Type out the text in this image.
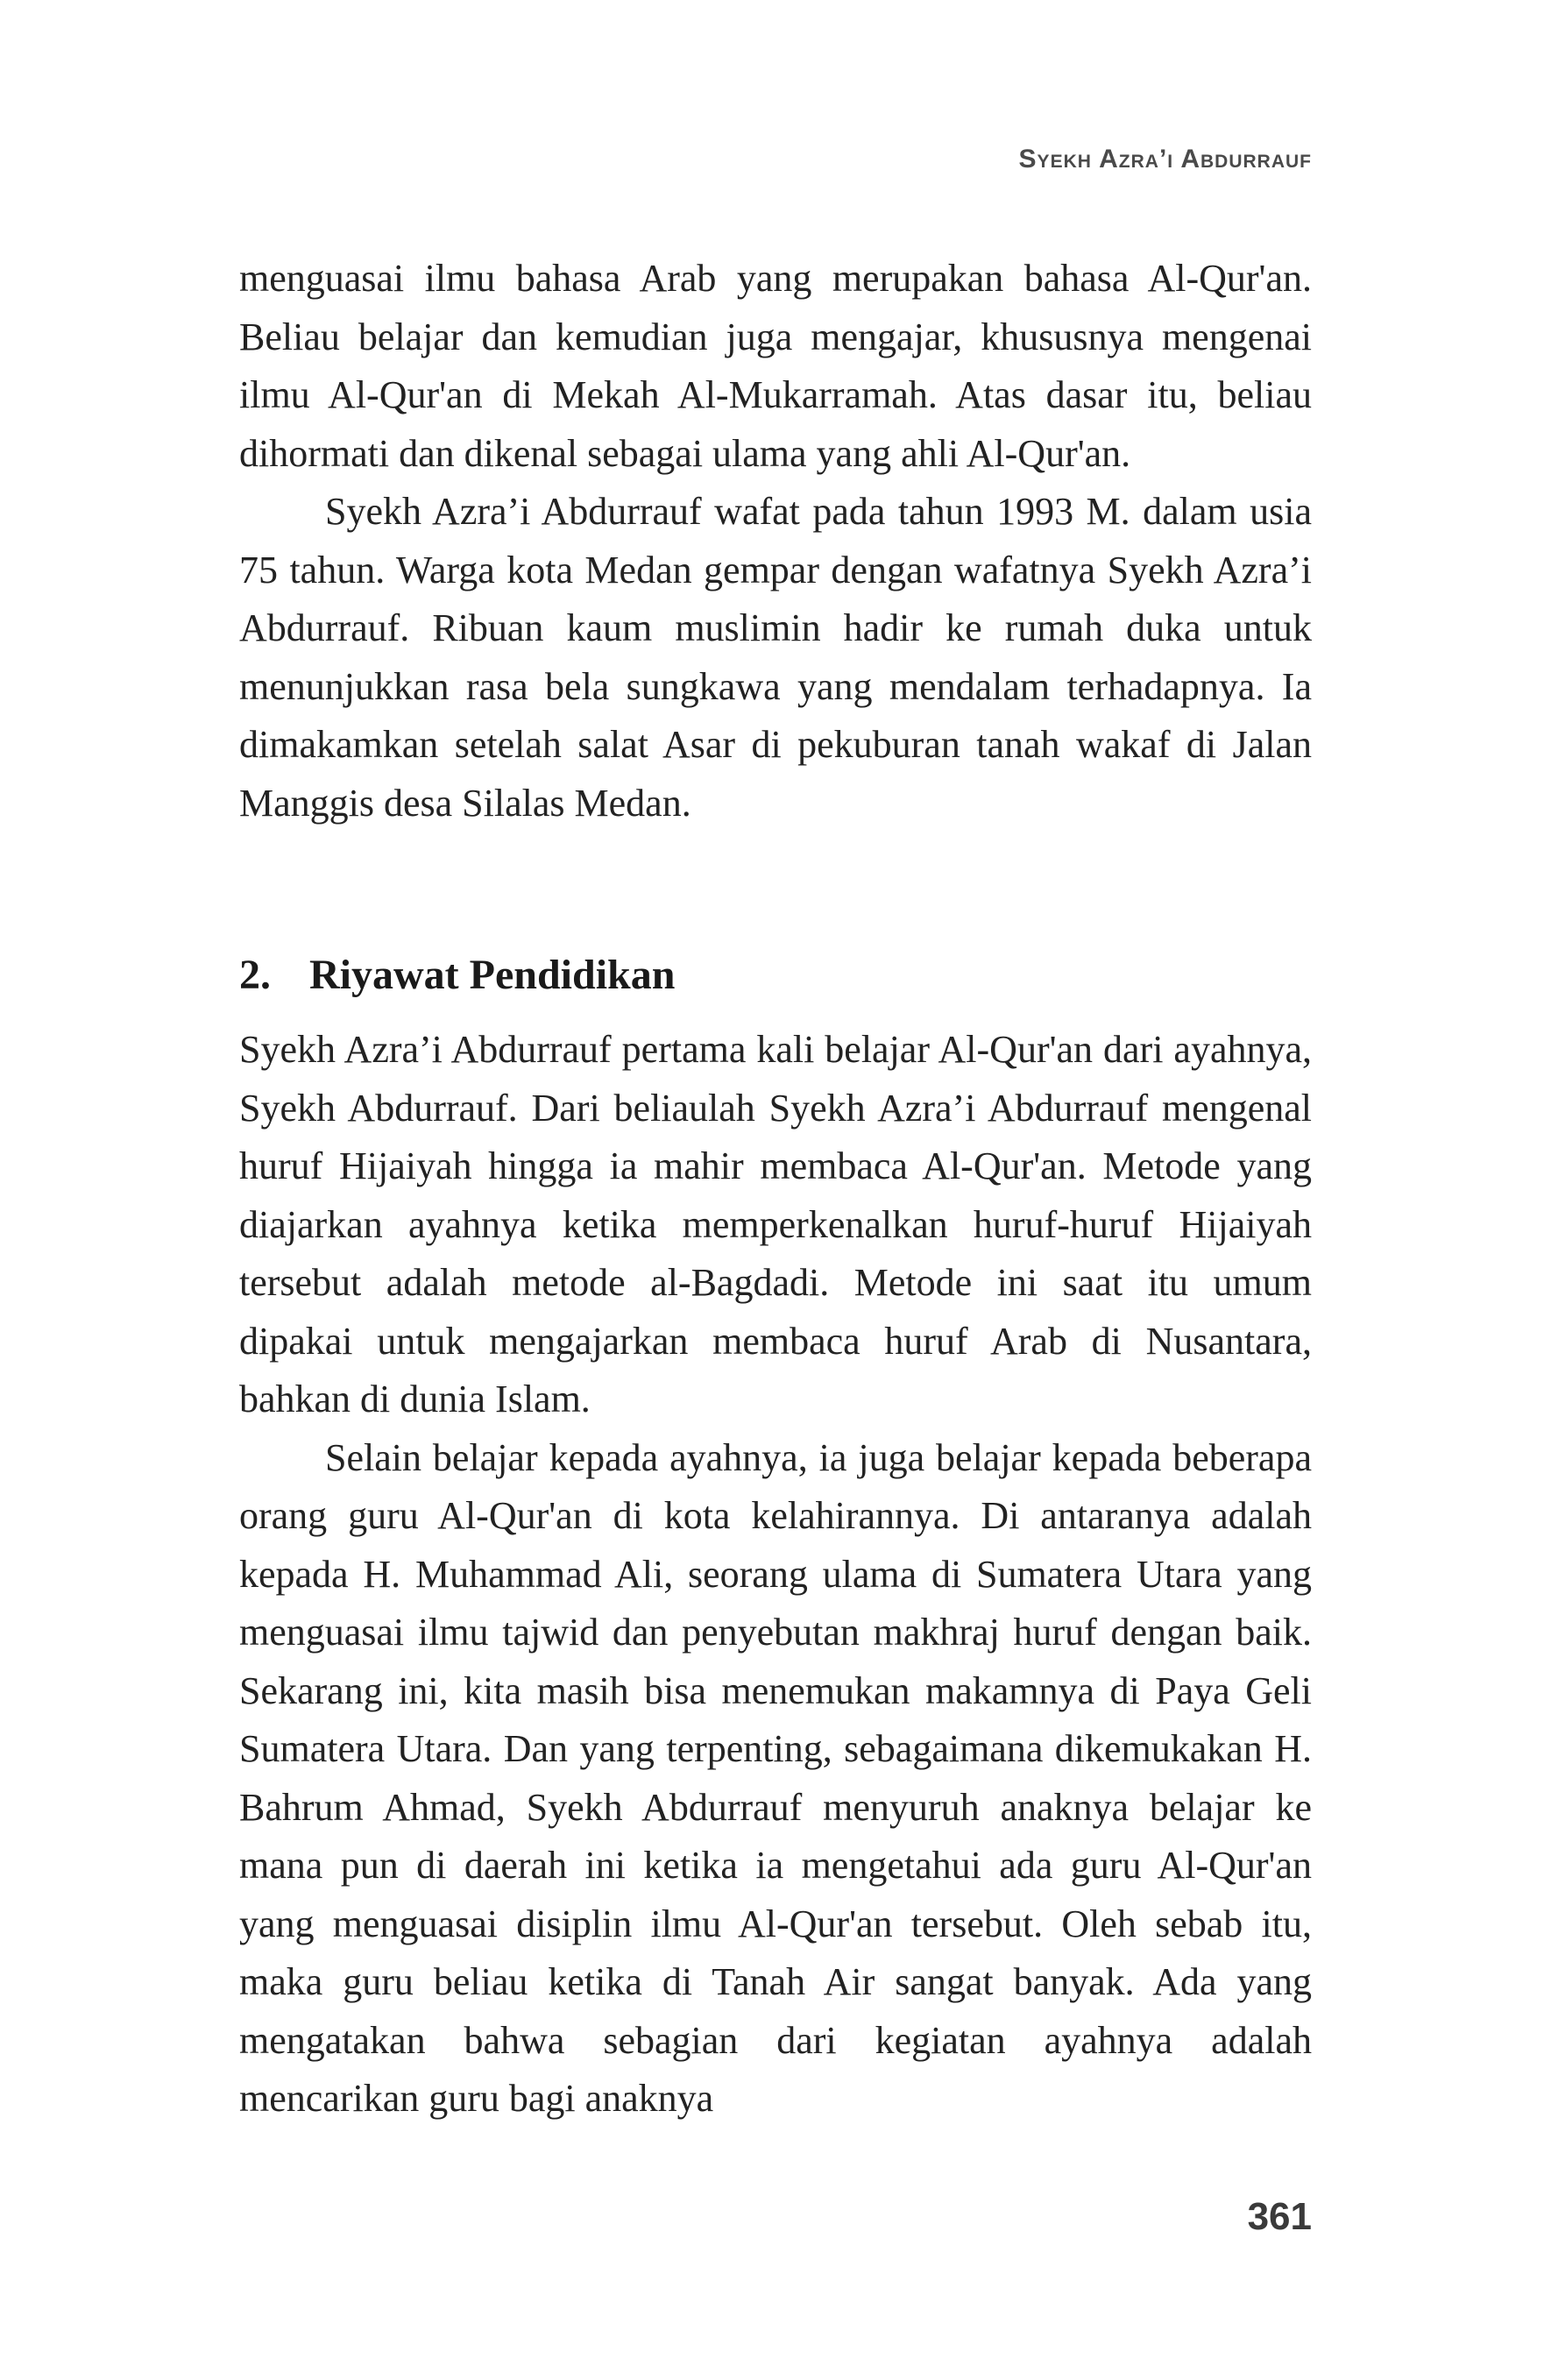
Syekh Azra’i Abdurrauf

menguasai ilmu bahasa Arab yang merupakan bahasa Al-Qur'an. Beliau belajar dan kemudian juga mengajar, khususnya mengenai ilmu Al-Qur'an di Mekah Al-Mukarramah. Atas dasar itu, beliau dihormati dan dikenal sebagai ulama yang ahli Al-Qur'an.

Syekh Azra’i Abdurrauf wafat pada tahun 1993 M. dalam usia 75 tahun. Warga kota Medan gempar dengan wafatnya Syekh Azra’i Abdurrauf. Ribuan kaum muslimin hadir ke rumah duka untuk menunjukkan rasa bela sungkawa yang mendalam terhadapnya. Ia dimakamkan setelah salat Asar di pekuburan tanah wakaf di Jalan Manggis desa Silalas Medan.

2. Riyawat Pendidikan

Syekh Azra’i Abdurrauf pertama kali belajar Al-Qur'an dari ayahnya, Syekh Abdurrauf. Dari beliaulah Syekh Azra’i Abdurrauf mengenal huruf Hijaiyah hingga ia mahir membaca Al-Qur'an. Metode yang diajarkan ayahnya ketika memperkenalkan huruf-huruf Hijaiyah tersebut adalah metode al-Bagdadi. Metode ini saat itu umum dipakai untuk mengajarkan membaca huruf Arab di Nusantara, bahkan di dunia Islam.

Selain belajar kepada ayahnya, ia juga belajar kepada beberapa orang guru Al-Qur'an di kota kelahirannya. Di antaranya adalah kepada H. Muhammad Ali, seorang ulama di Sumatera Utara yang menguasai ilmu tajwid dan penyebutan makhraj huruf dengan baik. Sekarang ini, kita masih bisa menemukan makamnya di Paya Geli Sumatera Utara. Dan yang terpenting, sebagaimana dikemukakan H. Bahrum Ahmad, Syekh Abdurrauf menyuruh anaknya belajar ke mana pun di daerah ini ketika ia mengetahui ada guru Al-Qur'an yang menguasai disiplin ilmu Al-Qur'an tersebut. Oleh sebab itu, maka guru beliau ketika di Tanah Air sangat banyak. Ada yang mengatakan bahwa sebagian dari kegiatan ayahnya adalah mencarikan guru bagi anaknya

361
